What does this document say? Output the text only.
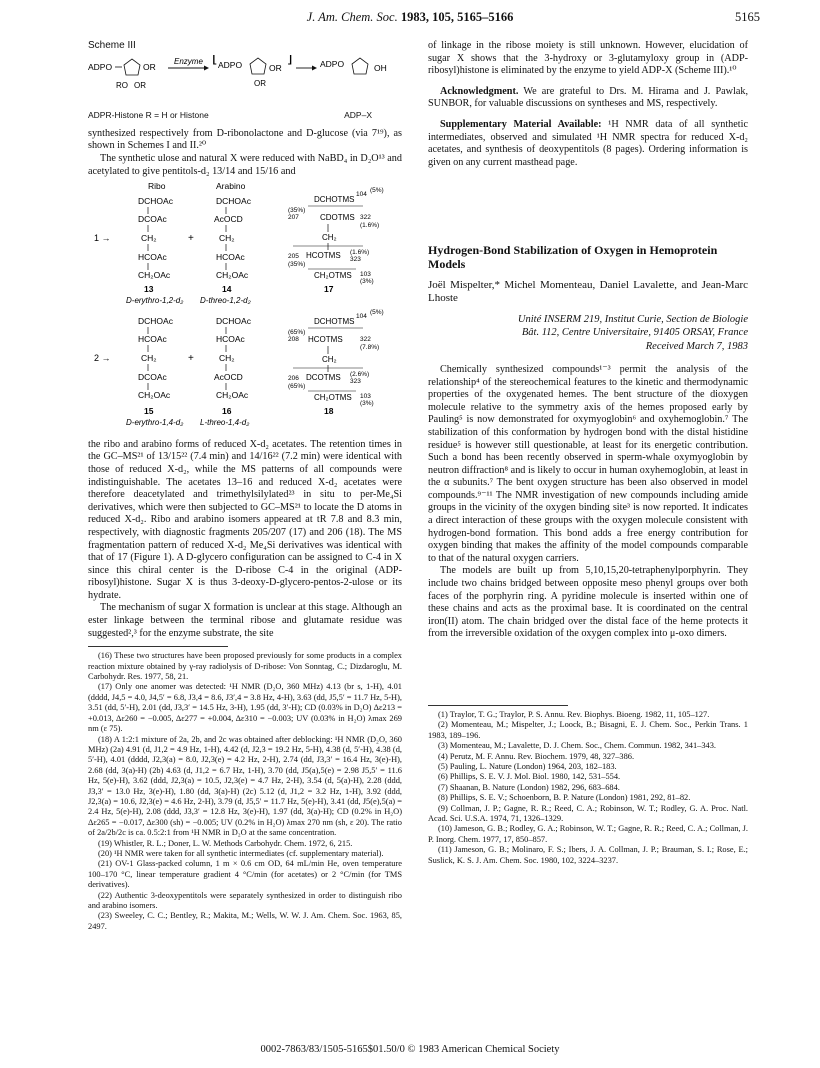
J. Am. Chem. Soc. 1983, 105, 5165–5166	5165
Scheme III
ADPO	OR
RO OR
Enzyme [ ADPO	OR
OR
]	ADPO	OH
ADPR-Histone R = H or Histone	ADP–X

synthesized respectively from D-ribonolactone and D-glucose (via 7¹⁹), as shown in Schemes I and II.²⁰

The synthetic ulose and natural X were reduced with NaBD₄ in D₂O¹³ and acetylated to give pentitols-d₂ 13/14 and 15/16 and

Ribo	Arabino
DCHOAc
DCOAc
CH₂
HCOAc
CH₂OAc
13
D-erythro-1,2-d₂
1 →	+
DCHOAc
AcOCD
CH₂
HCOAc
CH₂OAc
14
D-threo-1,2-d₂
DCHOTMS
104
(5%)
(35%)
207	CDOTMS 322
(1.6%)
CH₂
205 HCOTMS (1.6%)
323
(35%)
CH₂OTMS 103
(3%)
17
DCHOAc
HCOAc
CH₂
DCOAc
CH₂OAc
15
D-erythro-1,4-d₂
2 →	+
DCHOAc
HCOAc
CH₂
AcOCD
CH₂OAc
16
L-threo-1,4-d₂
DCHOTMS
104
(5%)
(65%)
208 HCOTMS	322
(7.8%)
CH₂
206 DCOTMS (2.6%)
323
(65%)
CH₂OTMS 103
(3%)
18

the ribo and arabino forms of reduced X-d₂ acetates. The retention times in the GC–MS²¹ of 13/15²² (7.4 min) and 14/16²² (7.2 min) were identical with those of reduced X-d₂, while the MS patterns of all compounds were indistinguishable. The acetates 13–16 and reduced X-d₂ acetates were therefore deacetylated and trimethylsilylated²³ in situ to per-Me₄Si derivatives, which were then subjected to GC–MS²¹ to locate the D atoms in reduced X-d₂. Ribo and arabino isomers appeared at tR 7.8 and 8.3 min, respectively, with diagnostic fragments 205/207 (17) and 206 (18). The MS fragmentation pattern of reduced X-d₂ Me₄Si derivatives was identical with that of 17 (Figure 1). A D-glycero configuration can be assigned to C-4 in X since this chiral center is the D-ribose C-4 in the original (ADP-ribosyl)histone. Sugar X is thus 3-deoxy-D-glycero-pentos-2-ulose or its hydrate.

The mechanism of sugar X formation is unclear at this stage. Although an ester linkage between the terminal ribose and glutamate residue was suggested²,³ for the enzyme substrate, the site

(16) These two structures have been proposed previously for some products in a complex reaction mixture obtained by γ-ray radiolysis of D-ribose: Von Sonntag, C.; Dizdaroglu, M. Carbohydr. Res. 1977, 58, 21.

(17) Only one anomer was detected: ¹H NMR (D₂O, 360 MHz) 4.13 (br s, 1-H), 4.01 (dddd, J4,5 = 4.0, J4,5′ = 6.8, J3,4 = 8.6, J3′,4 = 3.8 Hz, 4-H), 3.63 (dd, J5,5′ = 11.7 Hz, 5-H), 3.51 (dd, 5′-H), 2.01 (dd, J3,3′ = 14.5 Hz, 3-H), 1.95 (dd, 3′-H); CD (0.03% in D₂O) Δε213 = +0.013, Δε260 = −0.005, Δε277 = +0.004, Δε310 = −0.003; UV (0.03% in H₂O) λmax 269 nm (ε 75).

(18) A 1:2:1 mixture of 2a, 2b, and 2c was obtained after deblocking: ¹H NMR (D₂O, 360 MHz) (2a) 4.91 (d, J1,2 = 4.9 Hz, 1-H), 4.42 (d, J2,3 = 19.2 Hz, 5-H), 4.38 (d, 5′-H), 4.38 (d, 5′-H), 4.01 (dddd, J2,3(a) = 8.0, J2,3(e) = 4.2 Hz, 2-H), 2.74 (dd, J3,3′ = 16.4 Hz, 3(e)-H), 2.68 (dd, 3(a)-H) (2b) 4.63 (d, J1,2 = 6.7 Hz, 1-H), 3.70 (dd, J5(a),5(e) = 2.98 J5,5′ = 11.6 Hz, 5(e)-H), 3.62 (ddd, J2,3(a) = 10.5, J2,3(e) = 4.7 Hz, 2-H), 3.54 (d, 5(a)-H), 2.28 (ddd, J3,3′ = 13.0 Hz, 3(e)-H), 1.80 (dd, 3(a)-H) (2c) 5.12 (d, J1,2 = 3.2 Hz, 1-H), 3.92 (ddd, J2,3(a) = 10.6, J2,3(e) = 4.6 Hz, 2-H), 3.79 (d, J5,5′ = 11.7 Hz, 5(e)-H), 3.41 (dd, J5(e),5(a) = 2.4 Hz, 5(e)-H), 2.08 (ddd, J3,3′ = 12.8 Hz, 3(e)-H), 1.97 (dd, 3(a)-H); CD (0.2% in H₂O) Δε265 = −0.017, Δε300 (sh) = −0.005; UV (0.2% in H₂O) λmax 270 nm (sh, ε 20). The ratio of 2a/2b/2c is ca. 0.5:2:1 from ¹H NMR in D₂O at the same concentration.

(19) Whistler, R. L.; Doner, L. W. Methods Carbohydr. Chem. 1972, 6, 215.

(20) ¹H NMR were taken for all synthetic intermediates (cf. supplementary material).

(21) OV-1 Glass-packed column, 1 m × 0.6 cm OD, 64 mL/min He, oven temperature 100–170 °C, linear temperature gradient 4 °C/min (for acetates) or 2 °C/min (for TMS derivatives).

(22) Authentic 3-deoxypentitols were separately synthesized in order to distinguish ribo and arabino isomers.

(23) Sweeley, C. C.; Bentley, R.; Makita, M.; Wells, W. W. J. Am. Chem. Soc. 1963, 85, 2497.

of linkage in the ribose moiety is still unknown. However, elucidation of sugar X shows that the 3-hydroxy or 3-glutamyloxy group in (ADP-ribosyl)histone is eliminated by the enzyme to yield ADP-X (Scheme III).¹⁰

Acknowledgment. We are grateful to Drs. M. Hirama and J. Pawlak, SUNBOR, for valuable discussions on syntheses and MS, respectively.

Supplementary Material Available: ¹H NMR data of all synthetic intermediates, observed and simulated ¹H NMR spectra for reduced X-d₂ acetates, and synthesis of deoxypentitols (8 pages). Ordering information is given on any current masthead page.

Hydrogen-Bond Stabilization of Oxygen in Hemoprotein Models
Joël Mispelter,* Michel Momenteau, Daniel Lavalette, and Jean-Marc Lhoste
Unité INSERM 219, Institut Curie, Section de Biologie
Bât. 112, Centre Universitaire, 91405 ORSAY, France
Received March 7, 1983

Chemically synthesized compounds¹⁻³ permit the analysis of the relationship⁴ of the stereochemical features to the kinetic and thermodynamic properties of the oxygenated hemes. The bent structure of the dioxygen molecule relative to the symmetry axis of the hemes proposed early by Pauling⁵ is now demonstrated for oxymyoglobin⁶ and oxyhemoglobin.⁷ The stabilization of this conformation by hydrogen bond with the distal histidine residue⁵ is however still questionable, at least for its energetic contribution. Such a bond has been recently observed in sperm-whale oxymyoglobin by neutron diffraction⁸ and is likely to occur in human oxyhemoglobin, at least in the α subunits.⁷ The bent oxygen structure has been also observed in model compounds.⁹⁻¹¹ The NMR investigation of new compounds including amide groups in the vicinity of the oxygen binding site³ is now reported. It indicates a direct interaction of these groups with the oxygen molecule consistent with hydrogen-bond formation. This bond adds a free energy contribution for oxygen binding that makes the affinity of the model compounds comparable to that of the natural oxygen carriers.

The models are built up from 5,10,15,20-tetraphenylporphyrin. They include two chains bridged between opposite meso phenyl groups over both faces of the porphyrin ring. A pyridine molecule is inserted within one of these chains and acts as the proximal base. It is coordinated on the central iron(II) atom. The chain bridged over the distal face of the heme protects it from the irreversible oxidation of the oxygen complex into μ-oxo dimers.

(1) Traylor, T. G.; Traylor, P. S. Annu. Rev. Biophys. Bioeng. 1982, 11, 105–127.

(2) Momenteau, M.; Mispelter, J.; Loock, B.; Bisagni, E. J. Chem. Soc., Perkin Trans. 1 1983, 189–196.

(3) Momenteau, M.; Lavalette, D. J. Chem. Soc., Chem. Commun. 1982, 341–343.

(4) Perutz, M. F. Annu. Rev. Biochem. 1979, 48, 327–386.

(5) Pauling, L. Nature (London) 1964, 203, 182–183.

(6) Phillips, S. E. V. J. Mol. Biol. 1980, 142, 531–554.

(7) Shaanan, B. Nature (London) 1982, 296, 683–684.

(8) Phillips, S. E. V.; Schoenborn, B. P. Nature (London) 1981, 292, 81–82.

(9) Collman, J. P.; Gagne, R. R.; Reed, C. A.; Robinson, W. T.; Rodley, G. A. Proc. Natl. Acad. Sci. U.S.A. 1974, 71, 1326–1329.

(10) Jameson, G. B.; Rodley, G. A.; Robinson, W. T.; Gagne, R. R.; Reed, C. A.; Collman, J. P. Inorg. Chem. 1977, 17, 850–857.

(11) Jameson, G. B.; Molinaro, F. S.; Ibers, J. A. Collman, J. P.; Brauman, S. I.; Rose, E.; Suslick, K. S. J. Am. Chem. Soc. 1980, 102, 3224–3237.

0002-7863/83/1505-5165$01.50/0 © 1983 American Chemical Society
